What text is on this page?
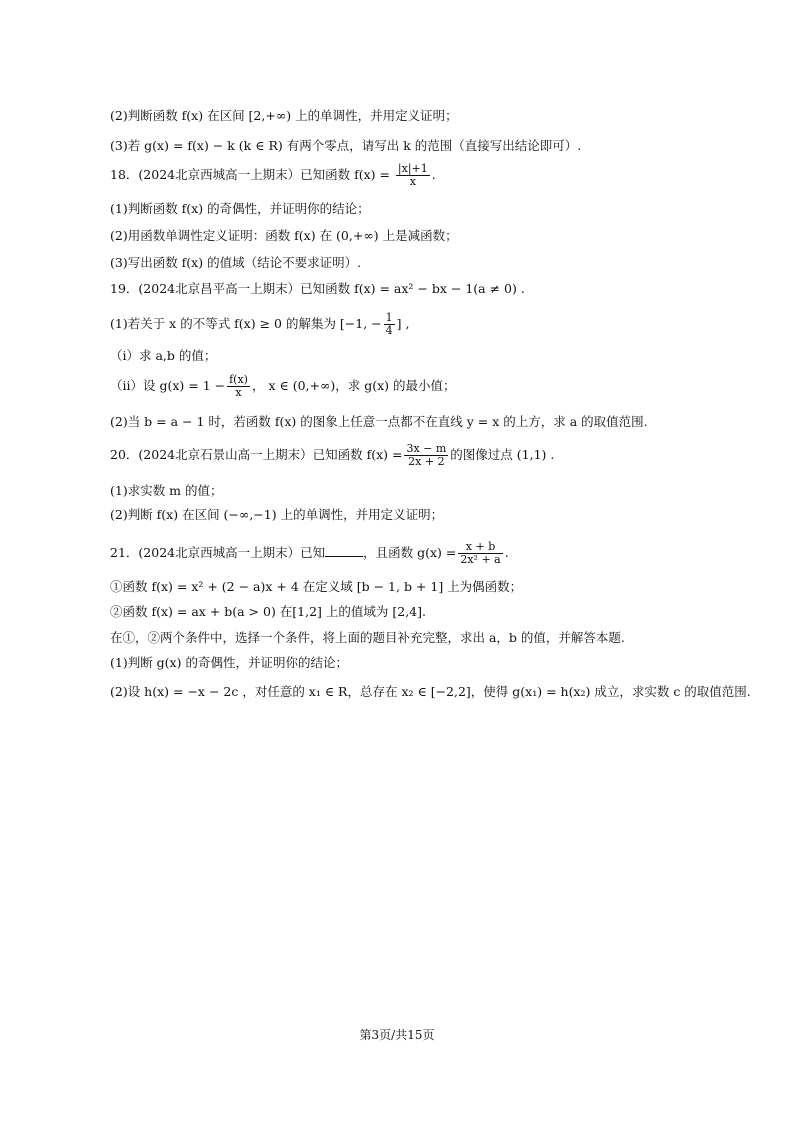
(2)判断函数 f(x) 在区间 [2,+∞) 上的单调性，并用定义证明；
(3)若 g(x) = f(x) − k (k ∈ R) 有两个零点，请写出 k 的范围（直接写出结论即可）.
18．(2024北京西城高一上期末）已知函数 $f(x) = \frac{|x|+1}{x}$ .
(1)判断函数 f(x) 的奇偶性，并证明你的结论；
(2)用函数单调性定义证明：函数 f(x) 在 (0,+∞) 上是减函数；
(3)写出函数 f(x) 的值域（结论不要求证明）.
19．(2024北京昌平高一上期末）已知函数 f(x) = ax² − bx − 1(a ≠ 0) .
(1)若关于 x 的不等式 f(x) ≥ 0 的解集为 [−1, − $\frac{1}{4}$ ] ,
（i）求 a,b 的值；
（ii）设 $g(x) = 1 - \frac{f(x)}{x}$ ， x ∈ (0,+∞)，求 g(x) 的最小值；
(2)当 b = a − 1 时，若函数 f(x) 的图象上任意一点都不在直线 y = x 的上方，求 a 的取值范围.
20．(2024北京石景山高一上期末）已知函数 $f(x) = \frac{3x - m}{2x + 2}$ 的图像过点 (1,1) .
(1)求实数 m 的值；
(2)判断 f(x) 在区间 (−∞,−1) 上的单调性，并用定义证明；
21．(2024北京西城高一上期末）已知	，且函数 $g(x) = \frac{x + b}{\text{2x² + a}}$ .
①函数 f(x) = x² + (2 − a)x + 4 在定义域 [b − 1, b + 1] 上为偶函数；
②函数 f(x) = ax + b(a > 0) 在[1,2] 上的值域为 [2,4].
在①，②两个条件中，选择一个条件，将上面的题目补充完整，求出 a，b 的值，并解答本题.
(1)判断 g(x) 的奇偶性，并证明你的结论；
(2)设 h(x) = −x − 2c ，对任意的 x₁ ∈ R，总存在 x₂ ∈ [−2,2]，使得 g(x₁) = h(x₂) 成立，求实数 c 的取值范围.
第3页/共15页
